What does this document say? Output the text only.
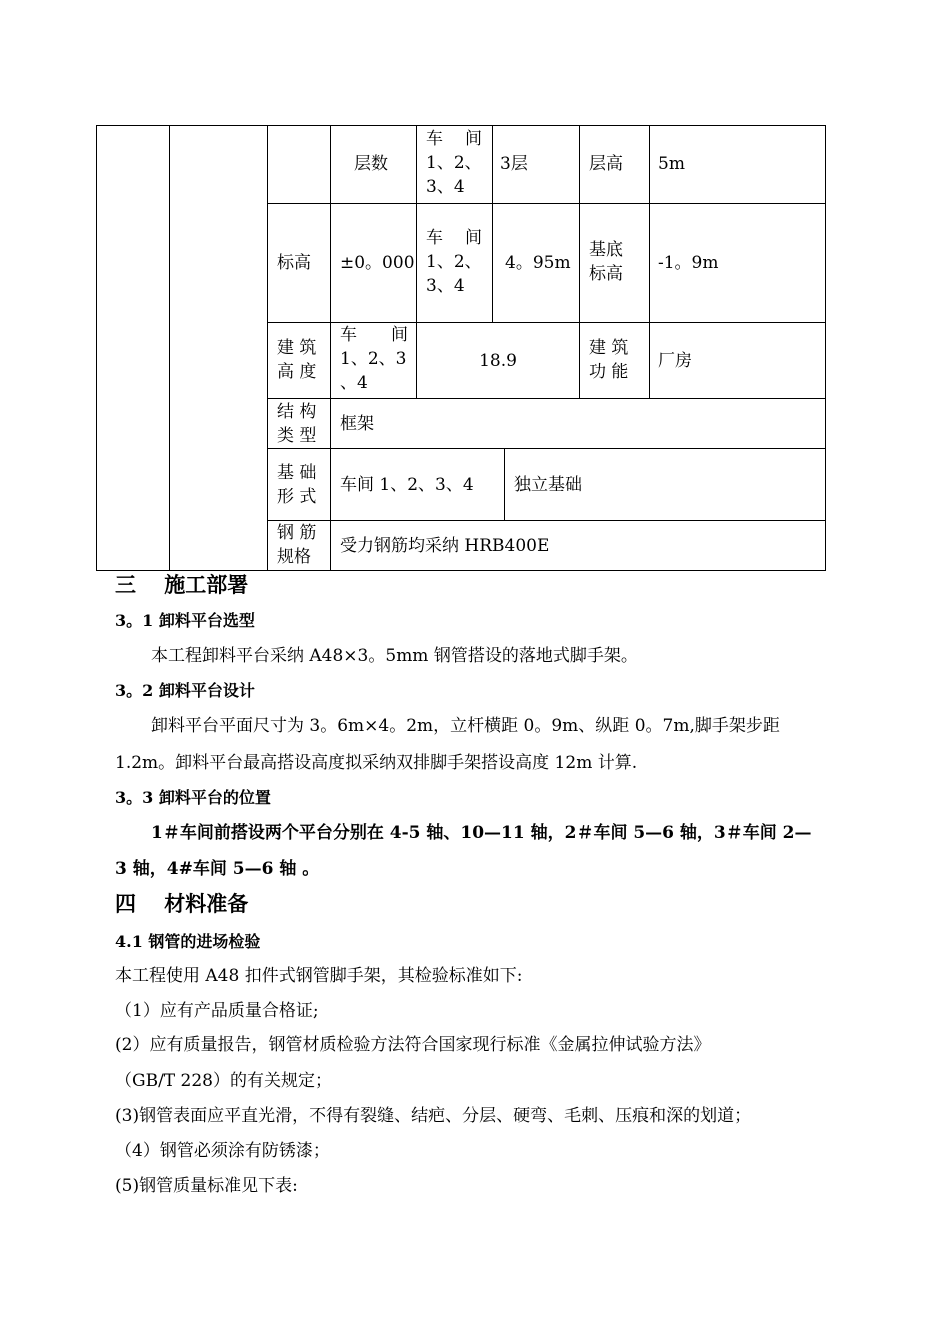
层数
车　间
1、2、
3、4
3层	层高 5m
标高 ±0。000
车　间
1、2、
3、4
4。95m
基底
标高
-1。9m
建 筑
高 度
车　间
1、2、3
、4
18.9
建 筑
功 能
厂房
结 构
类 型
框架
基 础
形 式
车间 1、2、3、4 独立基础
钢 筋
规格
受力钢筋均采纳 HRB400E
三　 施工部署
3。1 卸料平台选型
本工程卸料平台采纳 A48×3。5mm 钢管搭设的落地式脚手架。
3。2 卸料平台设计
卸料平台平面尺寸为 3。6m×4。2m，立杆横距 0。9m、纵距 0。7m,脚手架步距
1.2m。卸料平台最高搭设高度拟采纳双排脚手架搭设高度 12m 计算.
3。3 卸料平台的位置
1＃车间前搭设两个平台分别在 4-5 轴、10—11 轴，2＃车间 5—6 轴，3＃车间 2—
3 轴，4#车间 5—6 轴 。
四　 材料准备
4.1 钢管的进场检验
本工程使用 A48 扣件式钢管脚手架，其检验标准如下:
（1）应有产品质量合格证;
(2）应有质量报告，钢管材质检验方法符合国家现行标准《金属拉伸试验方法》
（GB/T 228）的有关规定；
(3)钢管表面应平直光滑，不得有裂缝、结疤、分层、硬弯、毛刺、压痕和深的划道；
（4）钢管必须涂有防锈漆；
(5)钢管质量标准见下表:
